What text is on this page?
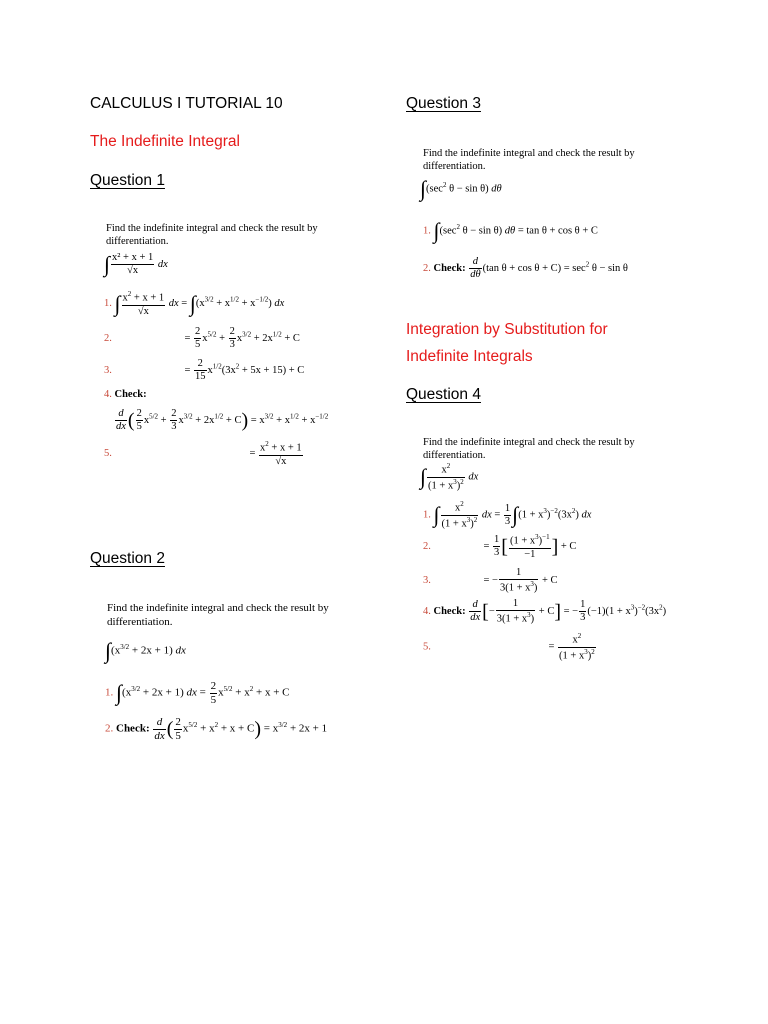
CALCULUS I TUTORIAL 10
The Indefinite Integral
Question 1
Find the indefinite integral and check the result by differentiation.
∫ $\frac{\text{x² + x + 1}}{√x}$ dx
1. ∫ $\frac{x^2 + x + 1}{√x}$ dx = $\int(x^{3/2} + x^{1/2} + x^{-1/2})$ dx
2.	= $\frac{2}{5} x^{5/2} + \frac{2}{3} x^{3/2} + 2x^{1/2} + C$
3.	= $\frac{2}{15} x^{1/2}(3x^2 + 5x + 15) + C$
4. Check:
$\frac{d}{dx}$ ( $\frac{2}{5} x^{5/2} + \frac{2}{3} x^{3/2} + 2x^{1/2} + C) = x^{3/2} + x^{1/2} + x^{-1/2}$
5.	= $\frac{x^2 + x + 1}{√x}$
Question 2
Find the indefinite integral and check the result by differentiation.
$\int(x^{3/2} + 2x + 1)$ dx
1. $\int(x^{3/2} + 2x + 1)$ dx = $\frac{2}{5} x^{5/2} + x^2 + x + C$
2. Check: $\frac{d}{dx}$ ( $\frac{2}{5} x^{5/2} + x^2 + x + C) = x^{3/2} + 2x + 1$
Question 3
Find the indefinite integral and check the result by differentiation.
$\int(\sec^2$ θ − sin θ) dθ
1. $\int(\sec^2$ θ − sin θ) dθ = tan θ + cos θ + C
2. Check: $\frac{d}{d\theta} (\tan$ $\theta + \cos \theta + C) = \sec^2 \theta - \sin \theta$
Integration by Substitution for
Indefinite Integrals
Question 4
Find the indefinite integral and check the result by differentiation.
∫ $\frac{x^2}{(1 + x^3)^2}$ dx
1. ∫ $\frac{x^2}{(1 + x^3)^2}$ dx = $\frac{1}{3} \int(1 + x^3)^{-2}(3x^2)$ dx
2.	= $\frac{1}{3}$ [ $\frac{(1 + x^3)^{-1}}{-1}$ ] + C
3.	= − $\frac{1}{3(1 + x^3)} + C$
4. Check: $\frac{d}{dx}$ [− $\frac{1}{3(1 + x^3)} + C$] = − $\frac{1}{3} (-1)(1 + x^3)^{-2}(3x^2)$
5.	= $\frac{x^2}{(1 + x^3)^2}$
